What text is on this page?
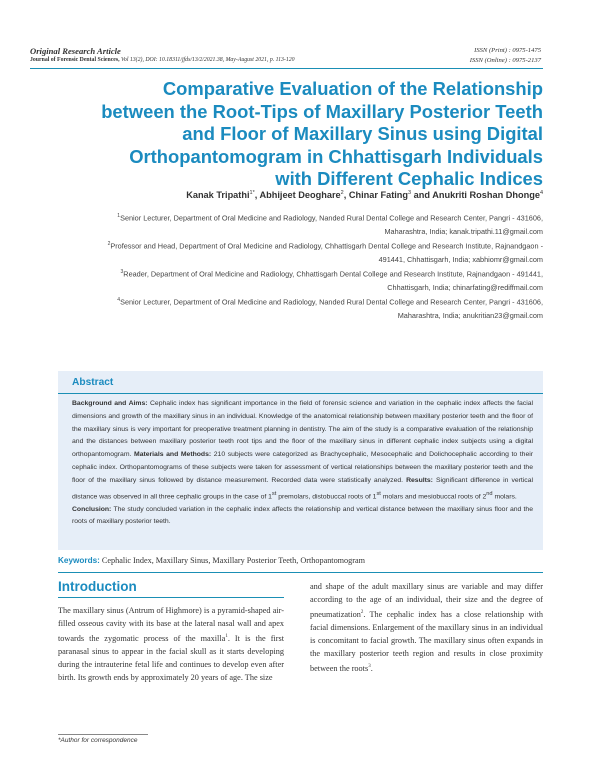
Original Research Article
Journal of Forensic Dental Sciences, Vol 13(2), DOI: 10.18311/jfds/13/2/2021.38, May-August 2021, p. 113-120
ISSN (Print) : 0975-1475
ISSN (Online) : 0975-2137
Comparative Evaluation of the Relationship between the Root-Tips of Maxillary Posterior Teeth and Floor of Maxillary Sinus using Digital Orthopantomogram in Chhattisgarh Individuals with Different Cephalic Indices
Kanak Tripathi$^{1*}$, Abhijeet Deoghare$^2$, Chinar Fating$^3$ and Anukriti Roshan Dhonge$^4$

$^1$Senior Lecturer, Department of Oral Medicine and Radiology, Nanded Rural Dental College and Research Center, Pangri - 431606, Maharashtra, India; kanak.tripathi.11@gmail.com

$^2$Professor and Head, Department of Oral Medicine and Radiology, Chhattisgarh Dental College and Research Institute, Rajnandgaon - 491441, Chhattisgarh, India; xabhiomr@gmail.com

$^3$Reader, Department of Oral Medicine and Radiology, Chhattisgarh Dental College and Research Institute, Rajnandgaon - 491441, Chhattisgarh, India; chinarfating@rediffmail.com

$^4$Senior Lecturer, Department of Oral Medicine and Radiology, Nanded Rural Dental College and Research Center, Pangri - 431606, Maharashtra, India; anukritian23@gmail.com

Abstract
Background and Aims: Cephalic index has significant importance in the field of forensic science and variation in the cephalic index affects the facial dimensions and growth of the maxillary sinus in an individual. Knowledge of the anatomical relationship between maxillary posterior teeth and the floor of the maxillary sinus is very important for preoperative treatment planning in dentistry. The aim of the study is a comparative evaluation of the relationship and the distances between maxillary posterior teeth root tips and the floor of the maxillary sinus in different cephalic index subjects using a digital orthopantomogram. Materials and Methods: 210 subjects were categorized as Brachycephalic, Mesocephalic and Dolichocephalic according to their cephalic index. Orthopantomograms of these subjects were taken for assessment of vertical relationships between the maxillary posterior teeth and the floor of the maxillary sinus followed by distance measurement. Recorded data were statistically analyzed. Results: Significant difference in vertical distance was observed in all three cephalic groups in the case of 1st premolars, distobuccal roots of 1st molars and mesiobuccal roots of 2nd molars.
Conclusion: The study concluded variation in the cephalic index affects the relationship and vertical distance between the maxillary sinus floor and the roots of maxillary posterior teeth.
Keywords: Cephalic Index, Maxillary Sinus, Maxillary Posterior Teeth, Orthopantomogram
Introduction
The maxillary sinus (Antrum of Highmore) is a pyramid-shaped air-filled osseous cavity with its base at the lateral nasal wall and apex towards the zygomatic process of the maxilla$^1$. It is the first paranasal sinus to appear in the facial skull as it starts developing during the intrauterine fetal life and continues to develop even after birth. Its growth ends by approximately 20 years of age. The size
and shape of the adult maxillary sinus are variable and may differ according to the age of an individual, their size and the degree of pneumatization$^2$. The cephalic index has a close relationship with facial dimensions. Enlargement of the maxillary sinus in an individual is concomitant to facial growth. The maxillary sinus often expands in the maxillary posterior teeth region and results in close proximity between the roots$^3$.
*Author for correspondence
